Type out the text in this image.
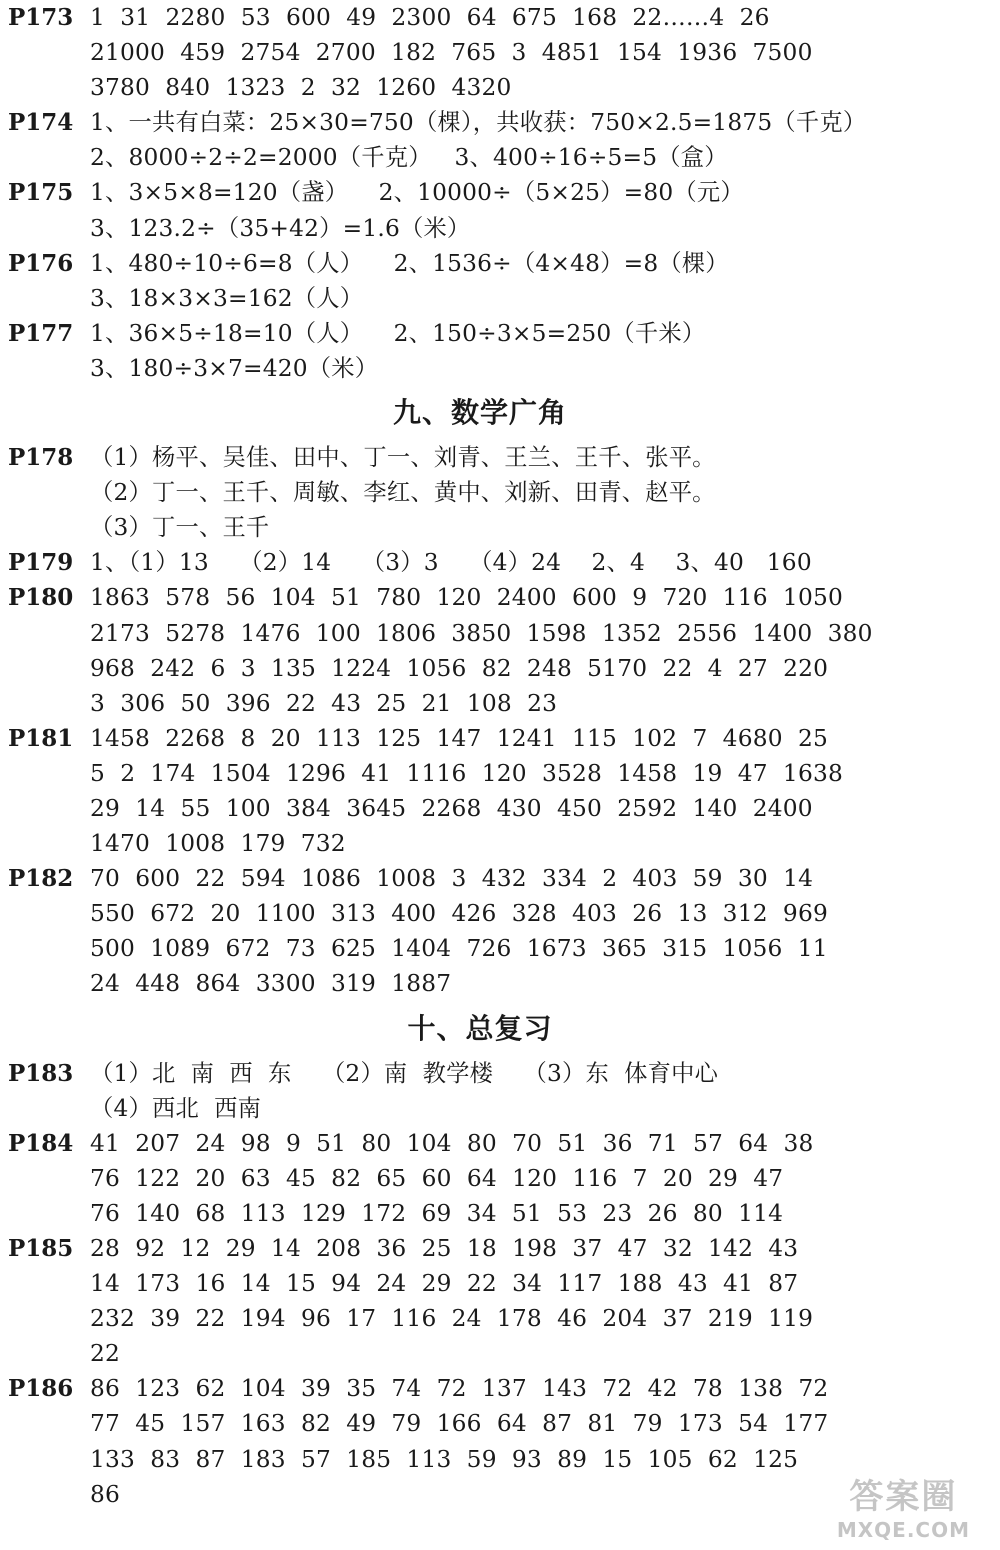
P173 1  31  2280  53  600  49  2300  64  675  168  22……4  26
21000  459  2754  2700  182  765  3  4851  154  1936  7500
3780  840  1323  2  32  1260  4320
P174 1、一共有白菜：25×30=750（棵），共收获：750×2.5=1875（千克）
2、8000÷2÷2=2000（千克）   3、400÷16÷5=5（盒）
P175 1、3×5×8=120（盏）    2、10000÷（5×25）=80（元）
3、123.2÷（35+42）=1.6（米）
P176 1、480÷10÷6=8（人）    2、1536÷（4×48）=8（棵）
3、18×3×3=162（人）
P177 1、36×5÷18=10（人）    2、150÷3×5=250（千米）
3、180÷3×7=420（米）
九、数学广角
P178 （1）杨平、吴佳、田中、丁一、刘青、王兰、王千、张平。
（2）丁一、王千、周敏、李红、黄中、刘新、田青、赵平。
（3）丁一、王千
P179 1、（1）13    （2）14    （3）3    （4）24    2、4    3、40   160
P180 1863  578  56  104  51  780  120  2400  600  9  720  116  1050
2173  5278  1476  100  1806  3850  1598  1352  2556  1400  380
968  242  6  3  135  1224  1056  82  248  5170  22  4  27  220
3  306  50  396  22  43  25  21  108  23
P181 1458  2268  8  20  113  125  147  1241  115  102  7  4680  25
5  2  174  1504  1296  41  1116  120  3528  1458  19  47  1638
29  14  55  100  384  3645  2268  430  450  2592  140  2400
1470  1008  179  732
P182 70  600  22  594  1086  1008  3  432  334  2  403  59  30  14
550  672  20  1100  313  400  426  328  403  26  13  312  969
500  1089  672  73  625  1404  726  1673  365  315  1056  11
24  448  864  3300  319  1887
十、总复习
P183 （1）北  南  西  东    （2）南  教学楼    （3）东  体育中心
（4）西北  西南
P184 41  207  24  98  9  51  80  104  80  70  51  36  71  57  64  38
76  122  20  63  45  82  65  60  64  120  116  7  20  29  47
76  140  68  113  129  172  69  34  51  53  23  26  80  114
P185 28  92  12  29  14  208  36  25  18  198  37  47  32  142  43
14  173  16  14  15  94  24  29  22  34  117  188  43  41  87
232  39  22  194  96  17  116  24  178  46  204  37  219  119
22
P186 86  123  62  104  39  35  74  72  137  143  72  42  78  138  72
77  45  157  163  82  49  79  166  64  87  81  79  173  54  177
133  83  87  183  57  185  113  59  93  89  15  105  62  125
86	答案圈
MXQE.COM
